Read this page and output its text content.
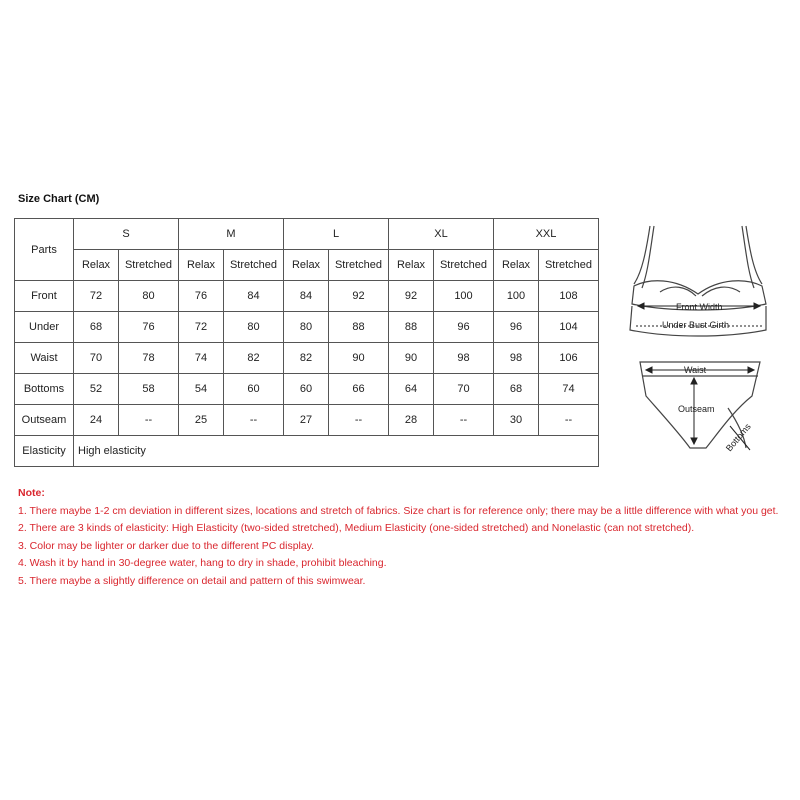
Size Chart (CM)
Parts	S		M		L		XL		XXL	
	Relax	Stretched	Relax	Stretched	Relax	Stretched	Relax	Stretched	Relax	Stretched
Front	72	80	76	84	84	92	92	100	100	108
Under	68	76	72	80	80	88	88	96	96	104
Waist	70	78	74	82	82	90	90	98	98	106
Bottoms	52	58	54	60	60	66	64	70	68	74
Outseam	24	--	25	--	27	--	28	--	30	--
Elasticity	High elasticity									
Front Width
Under Bust Girth
Waist
Outseam
Bottoms
Note:
1. There maybe 1-2 cm deviation in different sizes, locations and stretch of fabrics. Size chart is for reference only; there may be a little difference with what you get.
2. There are 3 kinds of elasticity: High Elasticity (two-sided stretched), Medium Elasticity (one-sided stretched) and Nonelastic (can not stretched).
3. Color may be lighter or darker due to the different PC display.
4. Wash it by hand in 30-degree water, hang to dry in shade, prohibit bleaching.
5. There maybe a slightly difference on detail and pattern of this swimwear.
